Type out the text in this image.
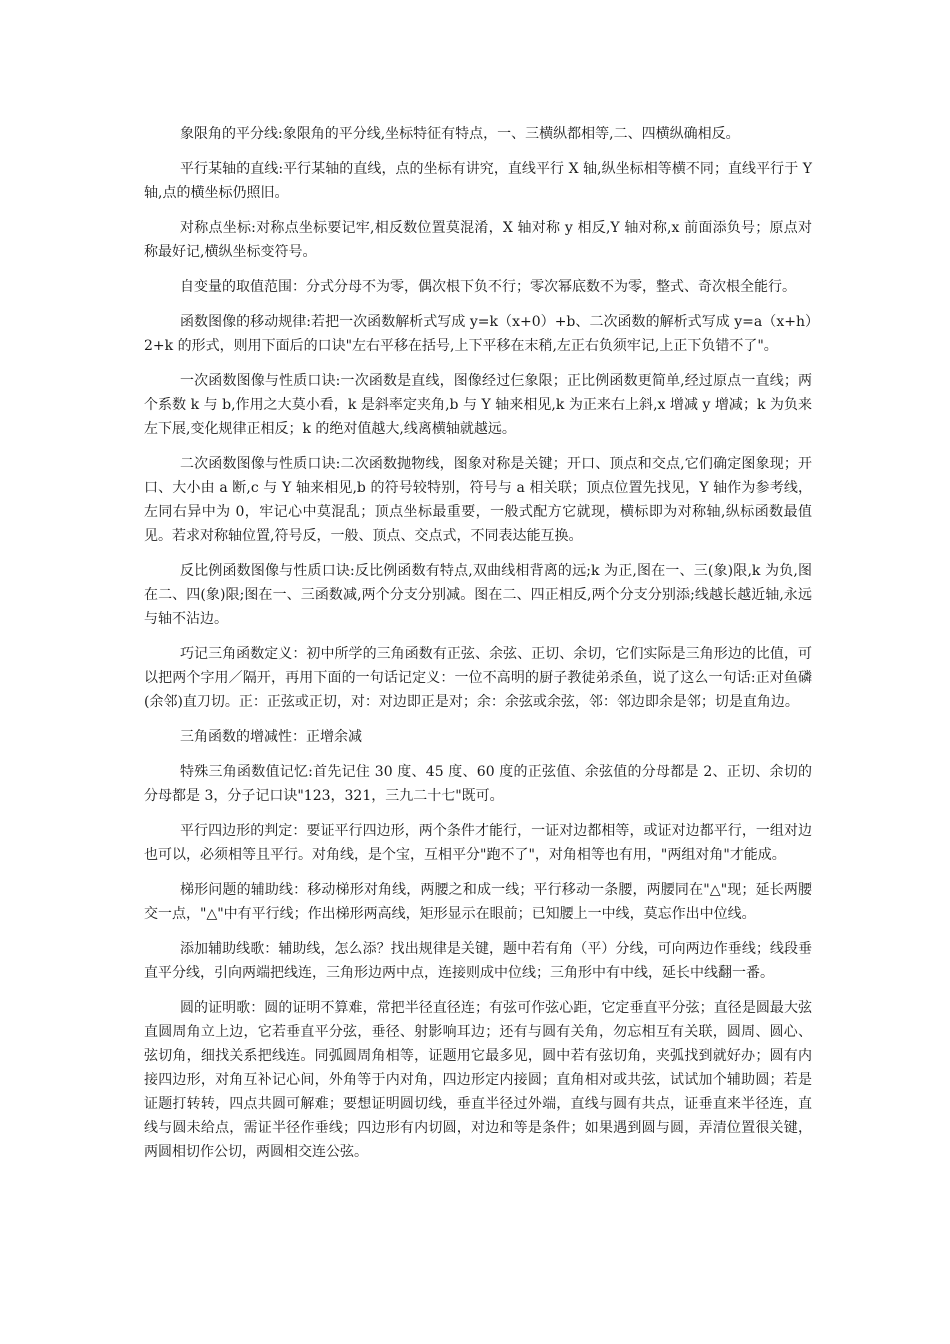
象限角的平分线:象限角的平分线,坐标特征有特点，一、三横纵都相等,二、四横纵确相反。

平行某轴的直线:平行某轴的直线，点的坐标有讲究，直线平行 X 轴,纵坐标相等横不同；直线平行于 Y 轴,点的横坐标仍照旧。

对称点坐标:对称点坐标要记牢,相反数位置莫混淆，X 轴对称 y 相反,Y 轴对称,x 前面添负号；原点对称最好记,横纵坐标变符号。

自变量的取值范围：分式分母不为零，偶次根下负不行；零次幂底数不为零，整式、奇次根全能行。

函数图像的移动规律:若把一次函数解析式写成 y=k（x+0）+b、二次函数的解析式写成 y=a（x+h）2+k 的形式，则用下面后的口诀"左右平移在括号,上下平移在末稍,左正右负须牢记,上正下负错不了"。

一次函数图像与性质口诀:一次函数是直线，图像经过仨象限；正比例函数更简单,经过原点一直线；两个系数 k 与 b,作用之大莫小看，k 是斜率定夹角,b 与 Y 轴来相见,k 为正来右上斜,x 增减 y 增减；k 为负来左下展,变化规律正相反；k 的绝对值越大,线离横轴就越远。

二次函数图像与性质口诀:二次函数抛物线，图象对称是关键；开口、顶点和交点,它们确定图象现；开口、大小由 a 断,c 与 Y 轴来相见,b 的符号较特别，符号与 a 相关联；顶点位置先找见，Y 轴作为参考线，左同右异中为 0，牢记心中莫混乱；顶点坐标最重要，一般式配方它就现，横标即为对称轴,纵标函数最值见。若求对称轴位置,符号反，一般、顶点、交点式，不同表达能互换。

反比例函数图像与性质口诀:反比例函数有特点,双曲线相背离的远;k 为正,图在一、三(象)限,k 为负,图在二、四(象)限;图在一、三函数减,两个分支分别减。图在二、四正相反,两个分支分别添;线越长越近轴,永远与轴不沾边。

巧记三角函数定义：初中所学的三角函数有正弦、余弦、正切、余切，它们实际是三角形边的比值，可以把两个字用／隔开，再用下面的一句话记定义：一位不高明的厨子教徒弟杀鱼，说了这么一句话:正对鱼磷(余邻)直刀切。正：正弦或正切，对：对边即正是对；余：余弦或余弦，邻：邻边即余是邻；切是直角边。

三角函数的增减性：正增余减

特殊三角函数值记忆:首先记住 30 度、45 度、60 度的正弦值、余弦值的分母都是 2、正切、余切的分母都是 3，分子记口诀"123，321，三九二十七"既可。

平行四边形的判定：要证平行四边形，两个条件才能行，一证对边都相等，或证对边都平行，一组对边也可以，必须相等且平行。对角线，是个宝，互相平分"跑不了"，对角相等也有用，"两组对角"才能成。

梯形问题的辅助线：移动梯形对角线，两腰之和成一线；平行移动一条腰，两腰同在"△"现；延长两腰交一点，"△"中有平行线；作出梯形两高线，矩形显示在眼前；已知腰上一中线，莫忘作出中位线。

添加辅助线歌：辅助线，怎么添？找出规律是关键，题中若有角（平）分线，可向两边作垂线；线段垂直平分线，引向两端把线连，三角形边两中点，连接则成中位线；三角形中有中线，延长中线翻一番。

圆的证明歌：圆的证明不算难，常把半径直径连；有弦可作弦心距，它定垂直平分弦；直径是圆最大弦直圆周角立上边，它若垂直平分弦，垂径、射影响耳边；还有与圆有关角，勿忘相互有关联，圆周、圆心、弦切角，细找关系把线连。同弧圆周角相等，证题用它最多见，圆中若有弦切角，夹弧找到就好办；圆有内接四边形，对角互补记心间，外角等于内对角，四边形定内接圆；直角相对或共弦，试试加个辅助圆；若是证题打转转，四点共圆可解难；要想证明圆切线，垂直半径过外端，直线与圆有共点，证垂直来半径连，直线与圆未给点，需证半径作垂线；四边形有内切圆，对边和等是条件；如果遇到圆与圆，弄清位置很关键，两圆相切作公切，两圆相交连公弦。
